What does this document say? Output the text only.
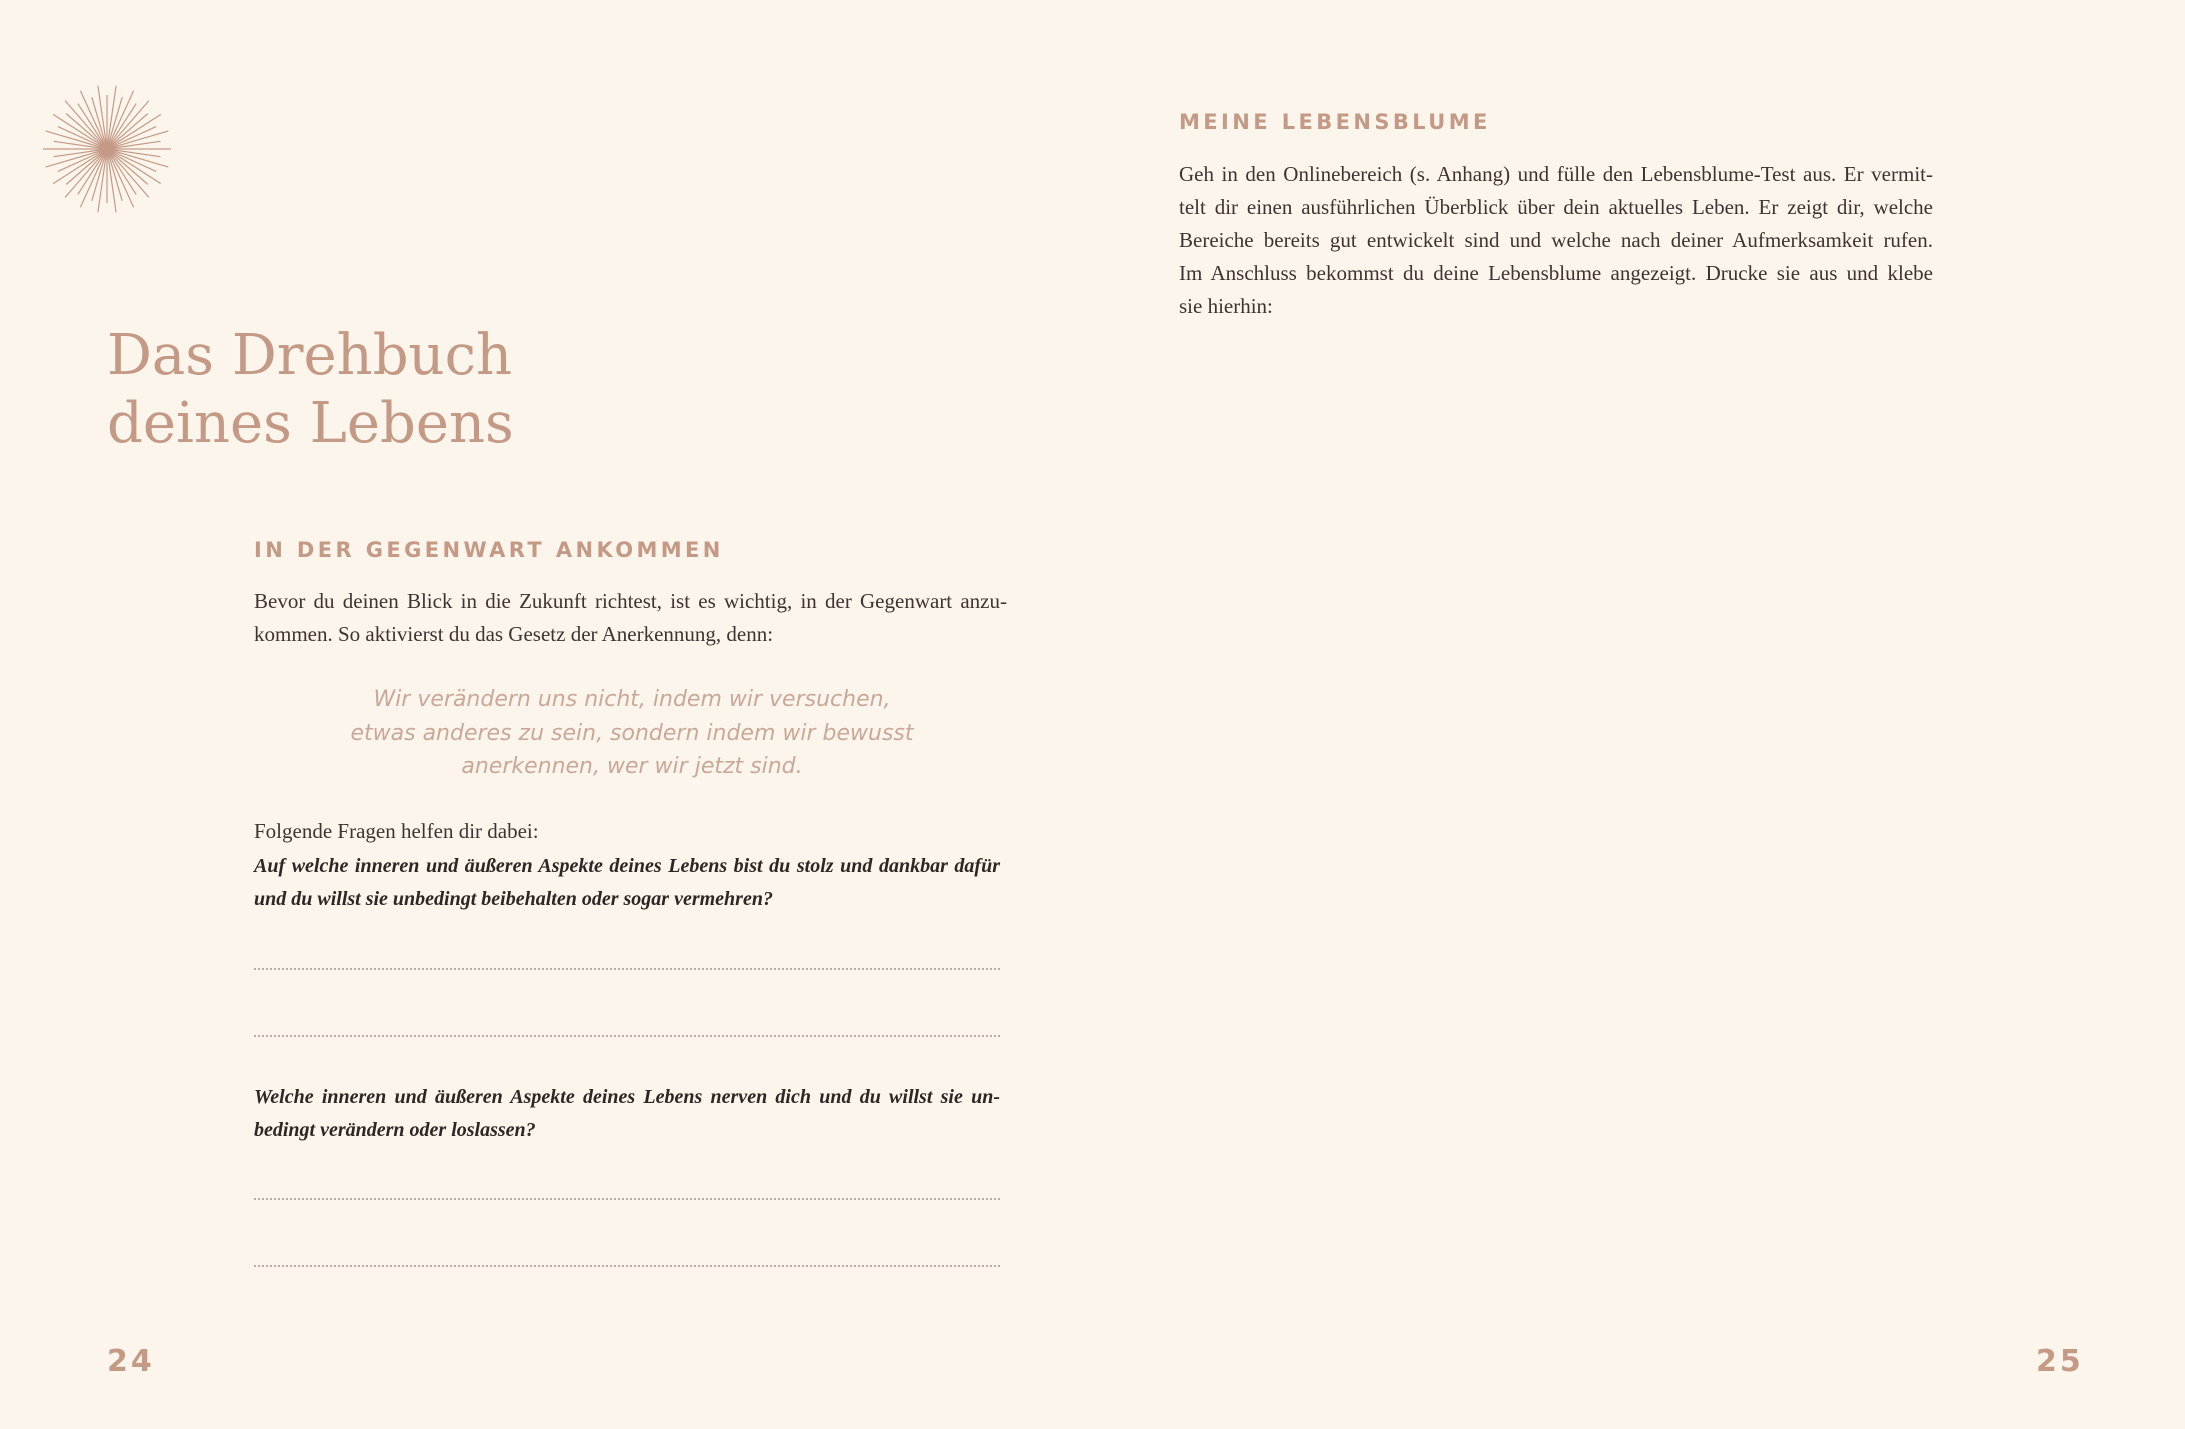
Das Drehbuch
deines Lebens
IN DER GEGENWART ANKOMMEN

Bevor du deinen Blick in die Zukunft richtest, ist es wichtig, in der Gegenwart anzu-
kommen. So aktivierst du das Gesetz der Anerkennung, denn:

Wir verändern uns nicht, indem wir versuchen,
etwas anderes zu sein, sondern indem wir bewusst
anerkennen, wer wir jetzt sind.

Folgende Fragen helfen dir dabei:

Auf welche inneren und äußeren Aspekte deines Lebens bist du stolz und dankbar dafür
und du willst sie unbedingt beibehalten oder sogar vermehren?

Welche inneren und äußeren Aspekte deines Lebens nerven dich und du willst sie un-
bedingt verändern oder loslassen?

24

MEINE LEBENSBLUME

Geh in den Onlinebereich (s. Anhang) und fülle den Lebensblume-Test aus. Er vermit-
telt dir einen ausführlichen Überblick über dein aktuelles Leben. Er zeigt dir, welche
Bereiche bereits gut entwickelt sind und welche nach deiner Aufmerksamkeit rufen.
Im Anschluss bekommst du deine Lebensblume angezeigt. Drucke sie aus und klebe
sie hierhin:

25
